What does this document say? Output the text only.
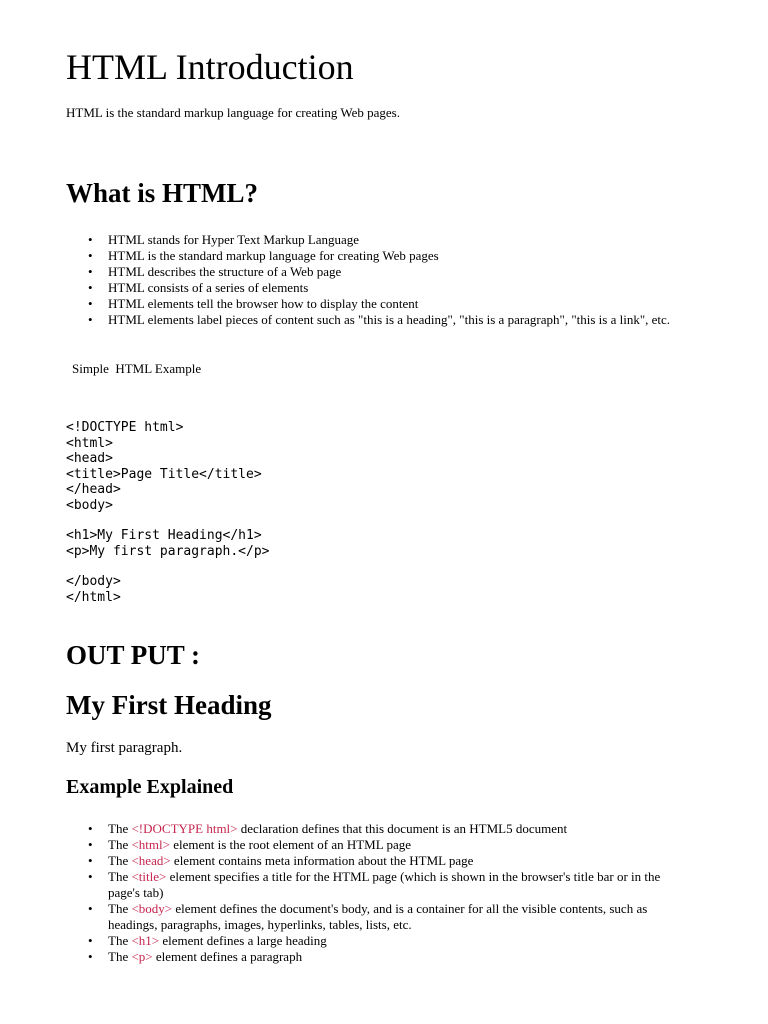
HTML Introduction

HTML is the standard markup language for creating Web pages.

What is HTML?
• HTML stands for Hyper Text Markup Language
• HTML is the standard markup language for creating Web pages
• HTML describes the structure of a Web page
• HTML consists of a series of elements
• HTML elements tell the browser how to display the content
• HTML elements label pieces of content such as "this is a heading", "this is a paragraph", "this is a link", etc.

Simple  HTML Example

<!DOCTYPE html>
<html>
<head>
<title>Page Title</title>
</head>
<body>
<h1>My First Heading</h1>
<p>My first paragraph.</p>
</body>
</html>
OUT PUT :
My First Heading

My first paragraph.

Example Explained
• The <!DOCTYPE html> declaration defines that this document is an HTML5 document
• The <html> element is the root element of an HTML page
• The <head> element contains meta information about the HTML page
• The <title> element specifies a title for the HTML page (which is shown in the browser's title bar or in the page's tab)
• The <body> element defines the document's body, and is a container for all the visible contents, such as headings, paragraphs, images, hyperlinks, tables, lists, etc.
• The <h1> element defines a large heading
• The <p> element defines a paragraph
